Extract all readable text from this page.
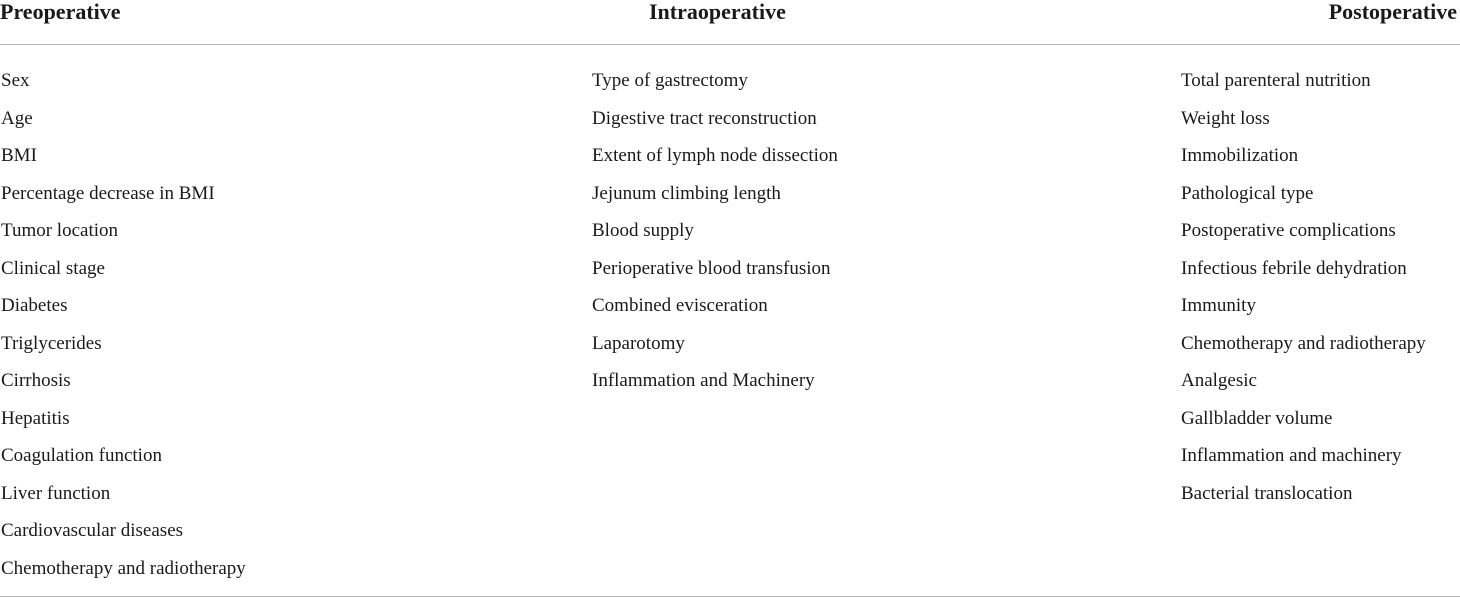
Preoperative	Intraoperative	Postoperative
Sex
Age
BMI
Percentage decrease in BMI
Tumor location
Clinical stage
Diabetes
Triglycerides
Cirrhosis
Hepatitis
Coagulation function
Liver function
Cardiovascular diseases
Chemotherapy and radiotherapy
Type of gastrectomy
Digestive tract reconstruction
Extent of lymph node dissection
Jejunum climbing length
Blood supply
Perioperative blood transfusion
Combined evisceration
Laparotomy
Inflammation and Machinery
Total parenteral nutrition
Weight loss
Immobilization
Pathological type
Postoperative complications
Infectious febrile dehydration
Immunity
Chemotherapy and radiotherapy
Analgesic
Gallbladder volume
Inflammation and machinery
Bacterial translocation
